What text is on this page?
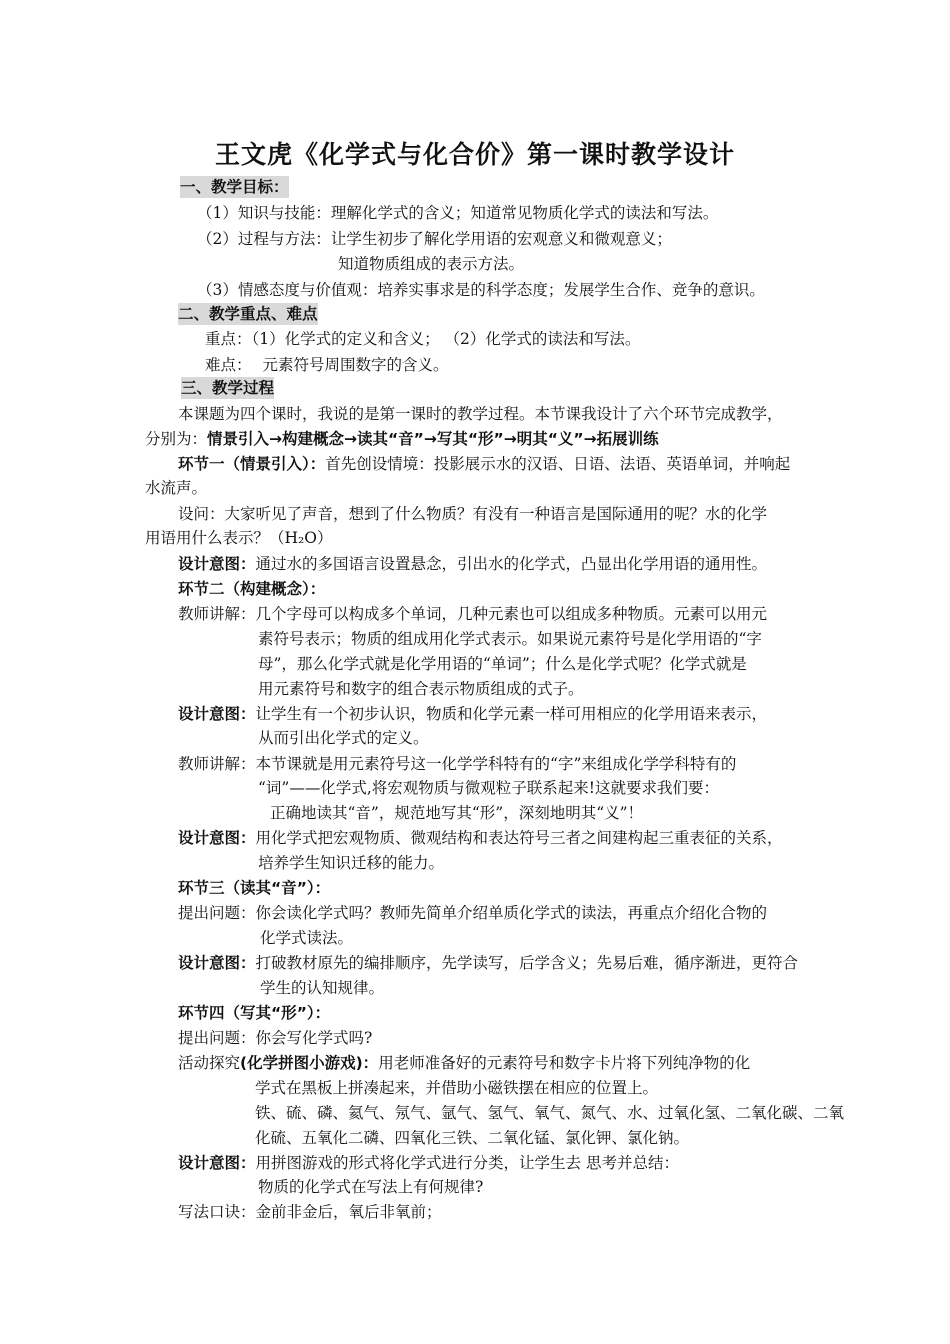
王文虎《化学式与化合价》第一课时教学设计
一、教学目标：
（1）知识与技能：理解化学式的含义；知道常见物质化学式的读法和写法。
（2）过程与方法：让学生初步了解化学用语的宏观意义和微观意义；
知道物质组成的表示方法。
（3）情感态度与价值观：培养实事求是的科学态度；发展学生合作、竞争的意识。
二、教学重点、难点
重点：（1）化学式的定义和含义； （2）化学式的读法和写法。
难点： 元素符号周围数字的含义。
三、教学过程
本课题为四个课时，我说的是第一课时的教学过程。本节课我设计了六个环节完成教学，
分别为：情景引入→构建概念→读其“音”→写其“形”→明其“义”→拓展训练
环节一（情景引入）：首先创设情境：投影展示水的汉语、日语、法语、英语单词，并响起
水流声。
设问：大家听见了声音，想到了什么物质？有没有一种语言是国际通用的呢？水的化学
用语用什么表示？（H₂O）
设计意图：通过水的多国语言设置悬念，引出水的化学式，凸显出化学用语的通用性。
环节二（构建概念）：
教师讲解：几个字母可以构成多个单词，几种元素也可以组成多种物质。元素可以用元
素符号表示；物质的组成用化学式表示。如果说元素符号是化学用语的“字
母”，那么化学式就是化学用语的“单词”；什么是化学式呢？化学式就是
用元素符号和数字的组合表示物质组成的式子。
设计意图：让学生有一个初步认识，物质和化学元素一样可用相应的化学用语来表示，
从而引出化学式的定义。
教师讲解：本节课就是用元素符号这一化学学科特有的“字”来组成化学学科特有的
“词”——化学式,将宏观物质与微观粒子联系起来!这就要求我们要：
正确地读其“音”，规范地写其“形”，深刻地明其“义”！
设计意图：用化学式把宏观物质、微观结构和表达符号三者之间建构起三重表征的关系，
培养学生知识迁移的能力。
环节三（读其“音”）：
提出问题：你会读化学式吗？教师先简单介绍单质化学式的读法，再重点介绍化合物的
化学式读法。
设计意图：打破教材原先的编排顺序，先学读写，后学含义；先易后难，循序渐进，更符合
学生的认知规律。
环节四（写其“形”）：
提出问题：你会写化学式吗?
活动探究(化学拼图小游戏)：用老师准备好的元素符号和数字卡片将下列纯净物的化
学式在黑板上拼凑起来，并借助小磁铁摆在相应的位置上。
铁、硫、磷、氦气、氖气、氩气、氢气、氧气、氮气、水、过氧化氢、二氧化碳、二氧
化硫、五氧化二磷、四氧化三铁、二氧化锰、氯化钾、氯化钠。
设计意图：用拼图游戏的形式将化学式进行分类，让学生去 思考并总结：
物质的化学式在写法上有何规律?
写法口诀：金前非金后，氧后非氧前；
